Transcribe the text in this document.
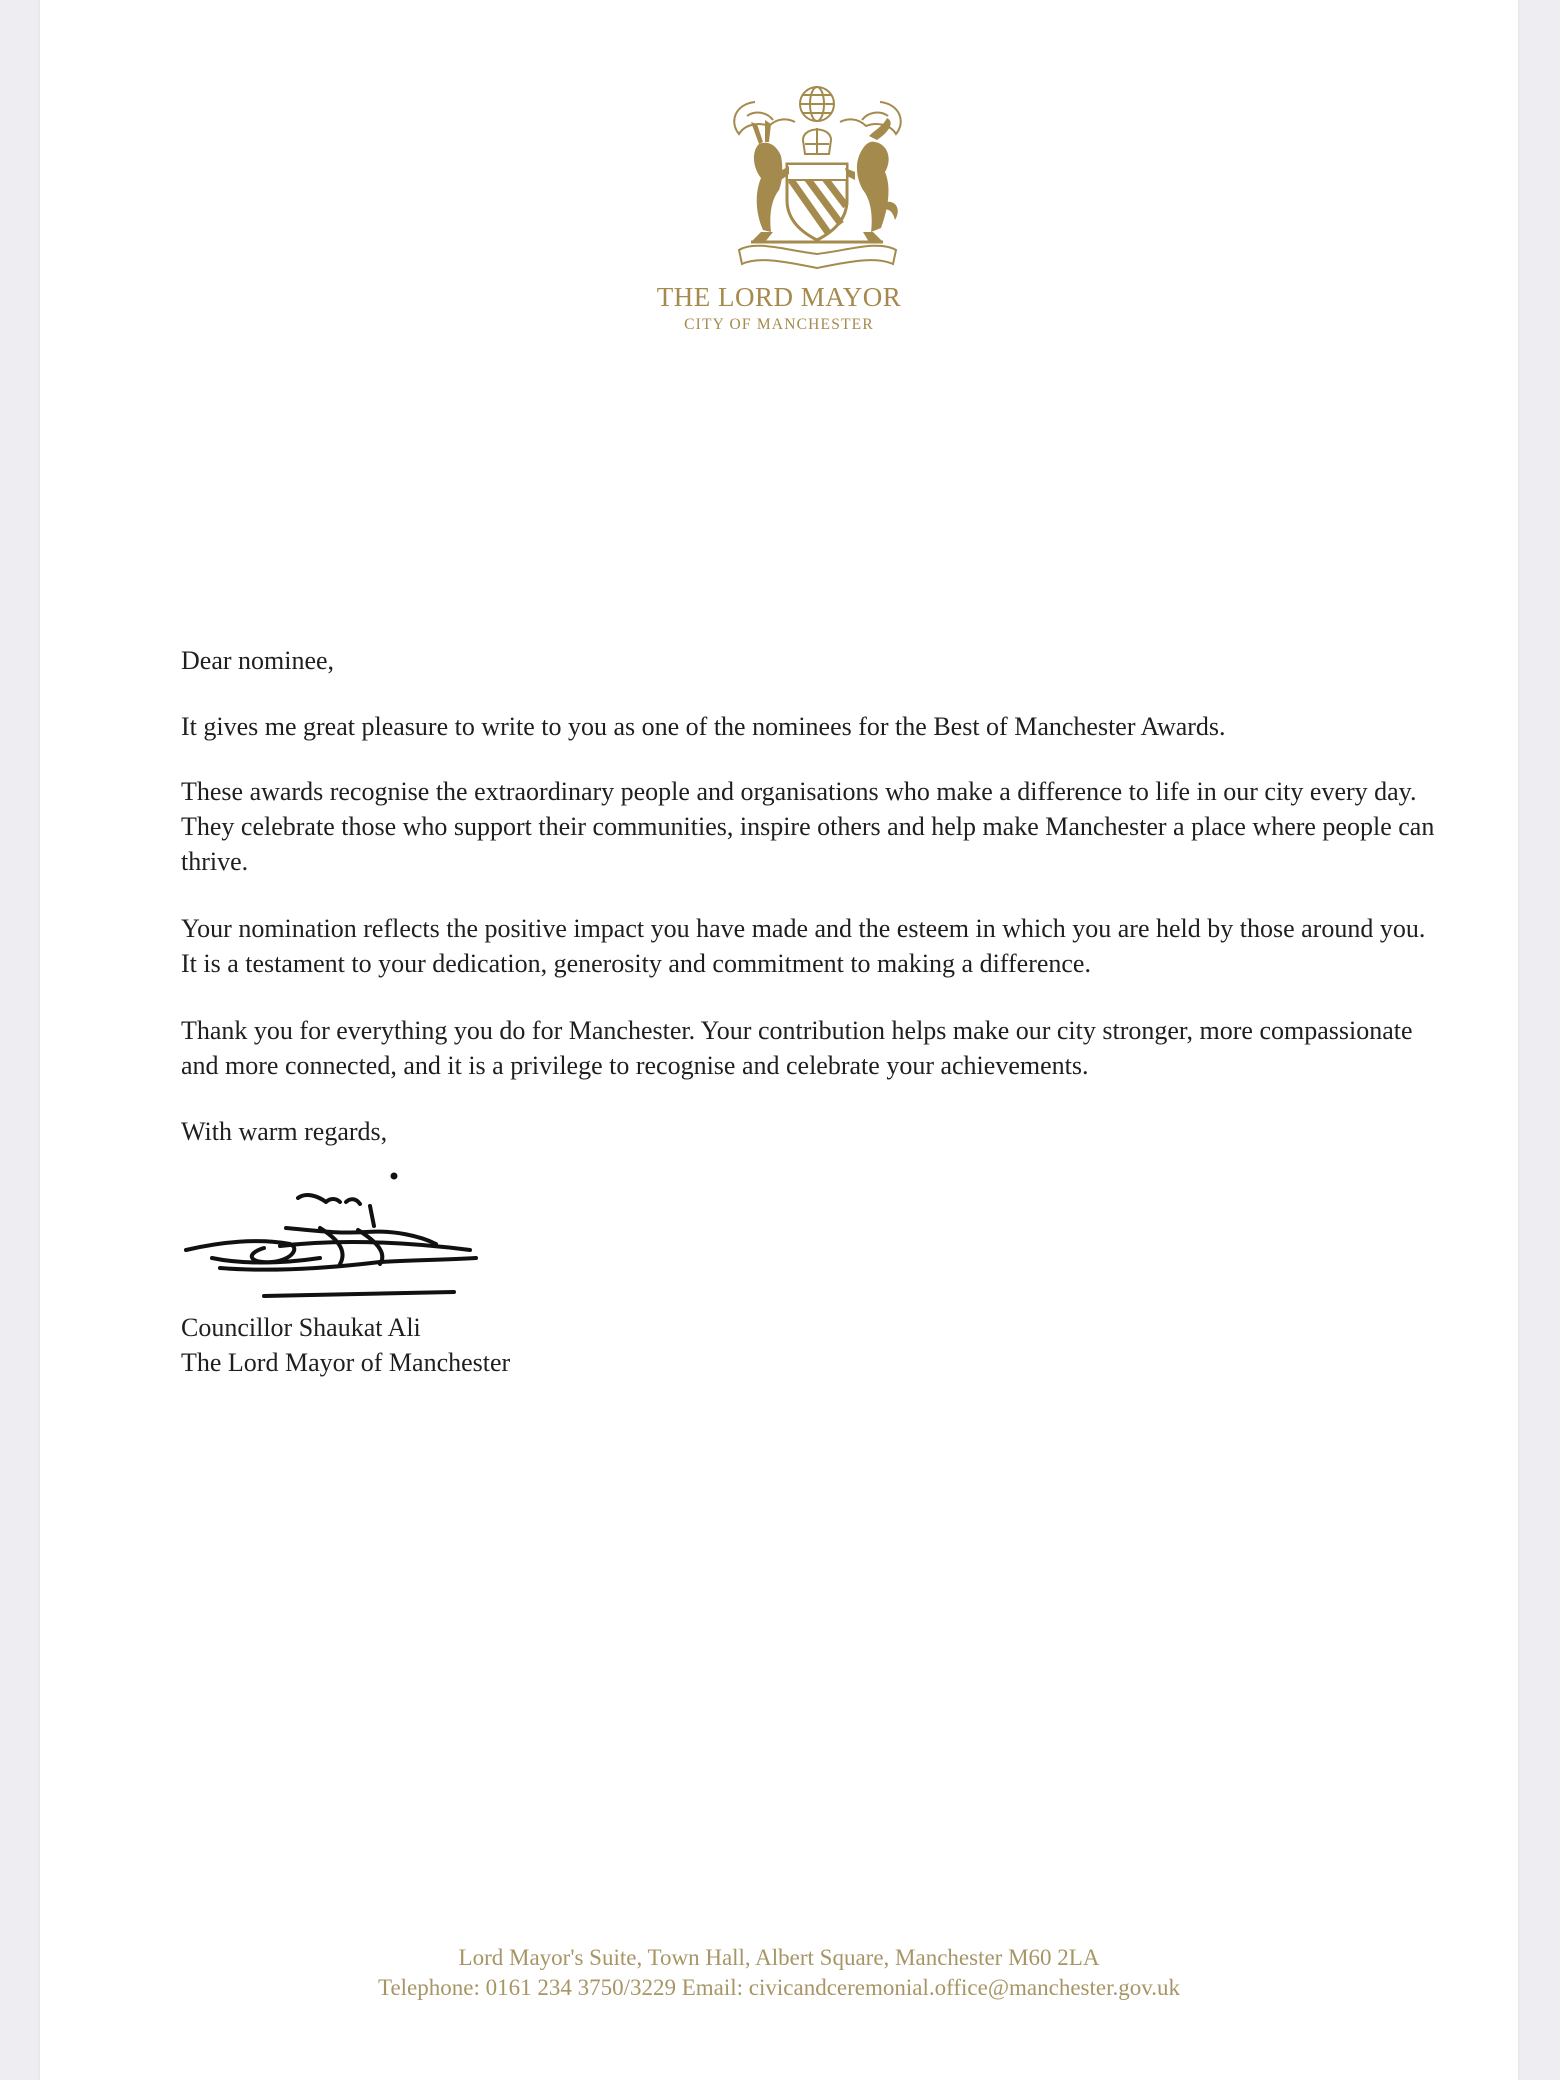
THE LORD MAYOR
CITY OF MANCHESTER

Dear nominee,

It gives me great pleasure to write to you as one of the nominees for the Best of Manchester Awards.

These awards recognise the extraordinary people and organisations who make a difference to life in our city every day. They celebrate those who support their communities, inspire others and help make Manchester a place where people can thrive.

Your nomination reflects the positive impact you have made and the esteem in which you are held by those around you. It is a testament to your dedication, generosity and commitment to making a difference.

Thank you for everything you do for Manchester. Your contribution helps make our city stronger, more compassionate and more connected, and it is a privilege to recognise and celebrate your achievements.

With warm regards,

Councillor Shaukat Ali

The Lord Mayor of Manchester

Lord Mayor's Suite, Town Hall, Albert Square, Manchester M60 2LA
Telephone: 0161 234 3750/3229 Email: civicandceremonial.office@manchester.gov.uk
